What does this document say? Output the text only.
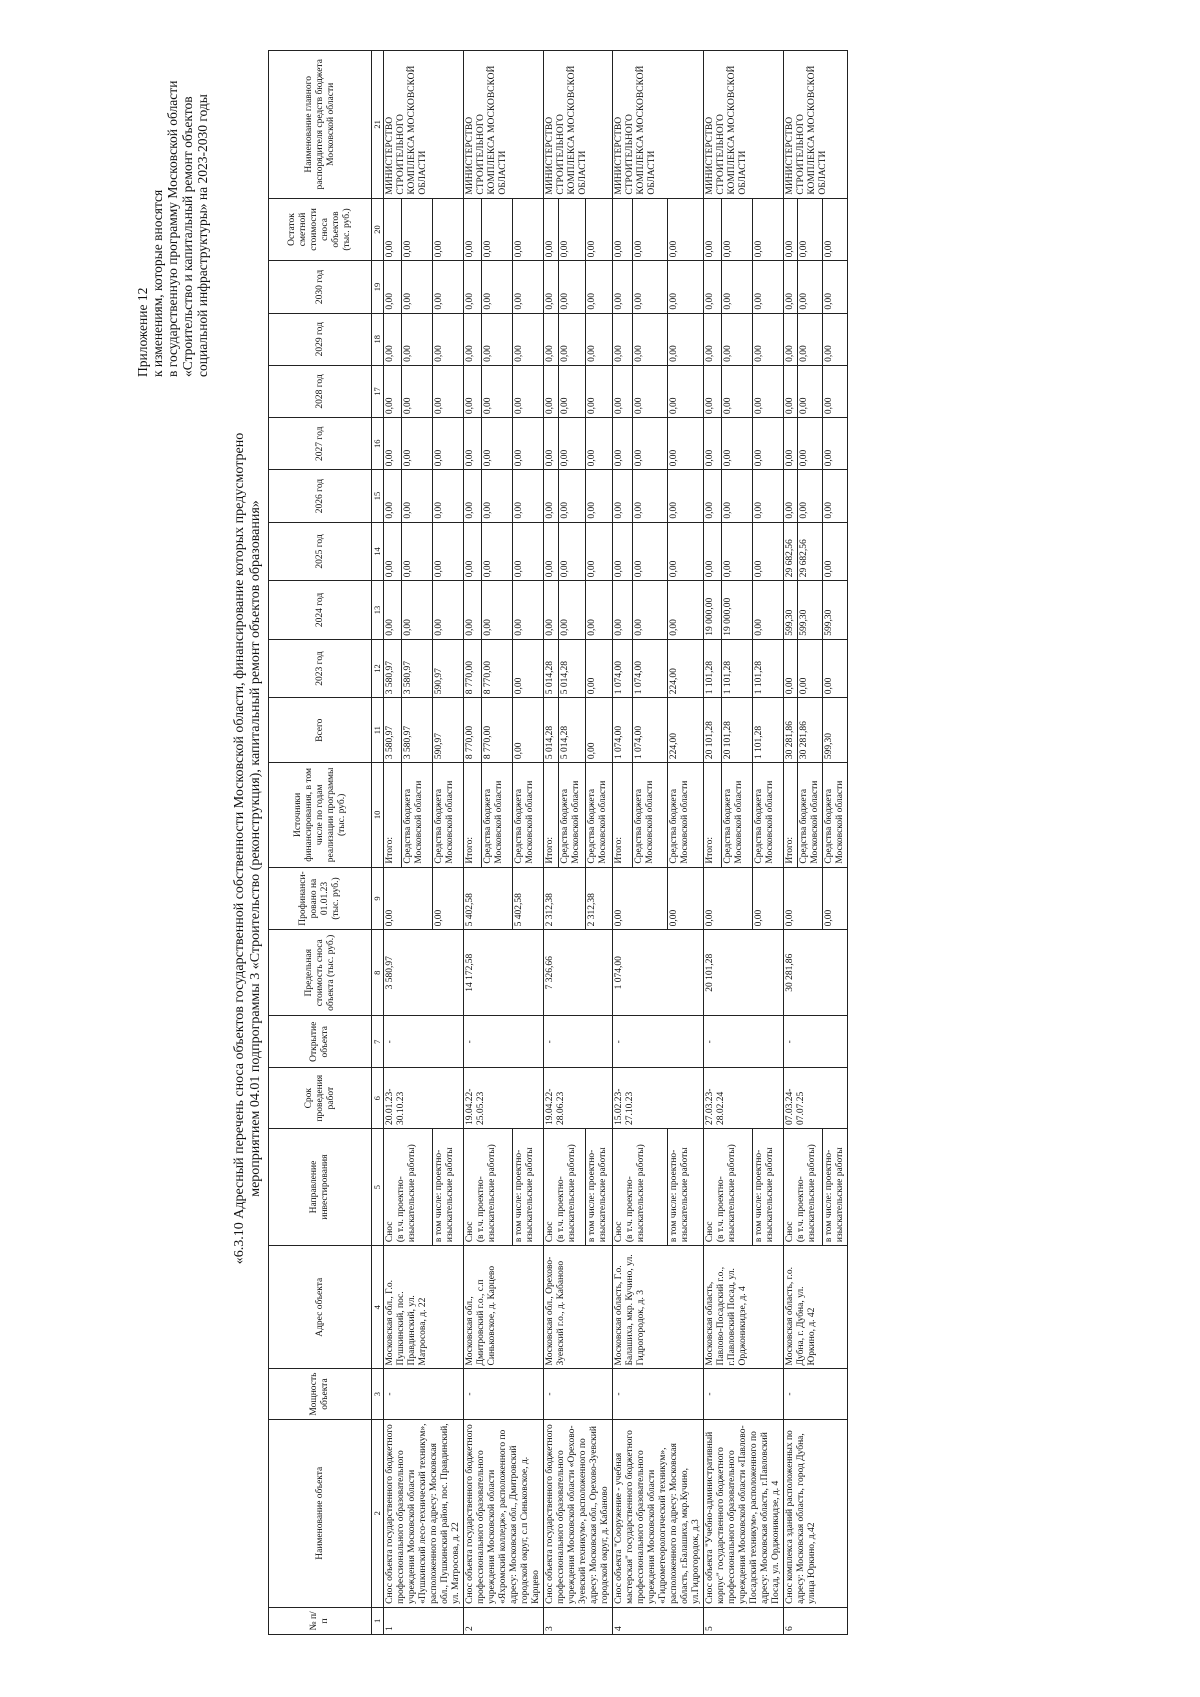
Приложение 12 к изменениям, которые вносятся в государственную программу Московской области «Строительство и капитальный ремонт объектов социальной инфраструктуры» на 2023-2030 годы
«6.3.10 Адресный перечень сноса объектов государственной собственности Московской области, финансирование которых предусмотрено мероприятием 04.01 подпрограммы 3 «Строительство (реконструкция), капитальный ремонт объектов образования»
№ п/п	Наименование объекта	Мощность объекта	Адрес объекта	Направление инвестирования	Срок проведения работ	Открытие объекта	Предельная стоимость сноса объекта (тыс. руб.)	Профинанси-ровано на 01.01.23 (тыс. руб.)	Источники финансирования, в том числе по годам реализации программы (тыс. руб.)	Всего	2023 год	2024 год	2025 год	2026 год	2027 год	2028 год	2029 год	2030 год	Остаток сметной стоимости сноса объектов (тыс. руб.)	Наименование главного распорядителя средств бюджета Московской области
1	2	3	4	5	6	7	8	9	10	11	12	13	14	15	16	17	18	19	20	21
1	Снос объекта государственного бюджетного профессионального образовательного учреждения Московской области «Пушкинский лесо-технический техникум», расположенного по адресу: Московская обл., Пушкинский район, пос. Правдинский, ул. Матросова, д. 22	-	Московская обл., Г.о. Пушкинский, пос. Правдинский, ул. Матросова, д. 22	Снос
(в т.ч. проектно-изыскательские работы)	20.01.23-
30.10.23	-	3 580,97	0,00	Итого:	3 580,97	3 580,97	0,00	0,00	0,00	0,00	0,00	0,00	0,00	0,00	МИНИСТЕРСТВО СТРОИТЕЛЬНОГО КОМПЛЕКСА МОСКОВСКОЙ ОБЛАСТИ
									Средства бюджета Московской области	3 580,97	3 580,97	0,00	0,00	0,00	0,00	0,00	0,00	0,00	0,00	
				в том числе: проектно-изыскательские работы				0,00	Средства бюджета Московской области	590,97	590,97	0,00	0,00	0,00	0,00	0,00	0,00	0,00	0,00	
2	Снос объекта государственного бюджетного профессионального образовательного учреждения Московской области «Яхромский колледж», расположенного по адресу: Московская обл., Дмитровский городской округ, с.п Синьковское, д. Карцево	-	Московская обл., Дмитровский г.о., с.п Синьковское, д. Карцево	Снос
(в т.ч. проектно-изыскательские работы)	19.04.22-
25.05.23	-	14 172,58	5 402,58	Итого:	8 770,00	8 770,00	0,00	0,00	0,00	0,00	0,00	0,00	0,00	0,00	МИНИСТЕРСТВО СТРОИТЕЛЬНОГО КОМПЛЕКСА МОСКОВСКОЙ ОБЛАСТИ
									Средства бюджета Московской области	8 770,00	8 770,00	0,00	0,00	0,00	0,00	0,00	0,00	0,00	0,00	
				в том числе: проектно-изыскательские работы				5 402,58	Средства бюджета Московской области	0,00	0,00	0,00	0,00	0,00	0,00	0,00	0,00	0,00	0,00	
3	Снос объекта государственного бюджетного профессионального образовательного учреждения Московской области «Орехово-Зуевский техникум», расположенного по адресу: Московская обл., Орехово-Зуевский городской округ, д. Кабаново	-	Московская обл., Орехово-Зуевский г.о., д. Кабаново	Снос
(в т.ч. проектно-изыскательские работы)	19.04.22-
28.06.23	-	7 326,66	2 312,38	Итого:	5 014,28	5 014,28	0,00	0,00	0,00	0,00	0,00	0,00	0,00	0,00	МИНИСТЕРСТВО СТРОИТЕЛЬНОГО КОМПЛЕКСА МОСКОВСКОЙ ОБЛАСТИ
									Средства бюджета Московской области	5 014,28	5 014,28	0,00	0,00	0,00	0,00	0,00	0,00	0,00	0,00	
				в том числе: проектно-изыскательские работы				2 312,38	Средства бюджета Московской области	0,00	0,00	0,00	0,00	0,00	0,00	0,00	0,00	0,00	0,00	
4	Снос объекта "Сооружение - учебная мастерская" государственного бюджетного профессионального образовательного учреждения Московской области «Гидрометеорологический техникум», расположенного по адресу: Московская область, г.Балашиха, мкр.Кучино, ул.Гидрогородок, д.3	-	Московская область, Г.о. Балашиха, мкр. Кучино, ул. Гидрогородок, д. 3	Снос
(в т.ч. проектно-изыскательские работы)	15.02.23-
27.10.23	-	1 074,00	0,00	Итого:	1 074,00	1 074,00	0,00	0,00	0,00	0,00	0,00	0,00	0,00	0,00	МИНИСТЕРСТВО СТРОИТЕЛЬНОГО КОМПЛЕКСА МОСКОВСКОЙ ОБЛАСТИ
									Средства бюджета Московской области	1 074,00	1 074,00	0,00	0,00	0,00	0,00	0,00	0,00	0,00	0,00	
				в том числе: проектно-изыскательские работы				0,00	Средства бюджета Московской области	224,00	224,00	0,00	0,00	0,00	0,00	0,00	0,00	0,00	0,00	
5	Снос объекта "Учебно-административный корпус" государственного бюджетного профессионального образовательного учреждения Московской области «Павлово-Посадский техникум», расположенного по адресу: Московская область, г.Павловский Посад, ул. Орджоникидзе, д. 4	-	Московская область, Павлово-Посадский г.о., г.Павловский Посад, ул. Орджоникидзе, д. 4	Снос
(в т.ч. проектно-изыскательские работы)	27.03.23-
28.02.24	-	20 101,28	0,00	Итого:	20 101,28	1 101,28	19 000,00	0,00	0,00	0,00	0,00	0,00	0,00	0,00	МИНИСТЕРСТВО СТРОИТЕЛЬНОГО КОМПЛЕКСА МОСКОВСКОЙ ОБЛАСТИ
									Средства бюджета Московской области	20 101,28	1 101,28	19 000,00	0,00	0,00	0,00	0,00	0,00	0,00	0,00	
				в том числе: проектно-изыскательские работы				0,00	Средства бюджета Московской области	1 101,28	1 101,28	0,00	0,00	0,00	0,00	0,00	0,00	0,00	0,00	
6	Снос комплекса зданий расположенных по адресу: Московская область, город Дубна, улица Юркино, д.42	-	Московская область, г.о. Дубна, г. Дубна, ул. Юркино, д. 42	Снос
(в т.ч. проектно-изыскательские работы)	07.03.24-
07.07.25	-	30 281,86	0,00	Итого:	30 281,86	0,00	599,30	29 682,56	0,00	0,00	0,00	0,00	0,00	0,00	МИНИСТЕРСТВО СТРОИТЕЛЬНОГО КОМПЛЕКСА МОСКОВСКОЙ ОБЛАСТИ
									Средства бюджета Московской области	30 281,86	0,00	599,30	29 682,56	0,00	0,00	0,00	0,00	0,00	0,00	
				в том числе: проектно-изыскательские работы				0,00	Средства бюджета Московской области	599,30	0,00	599,30	0,00	0,00	0,00	0,00	0,00	0,00	0,00	
